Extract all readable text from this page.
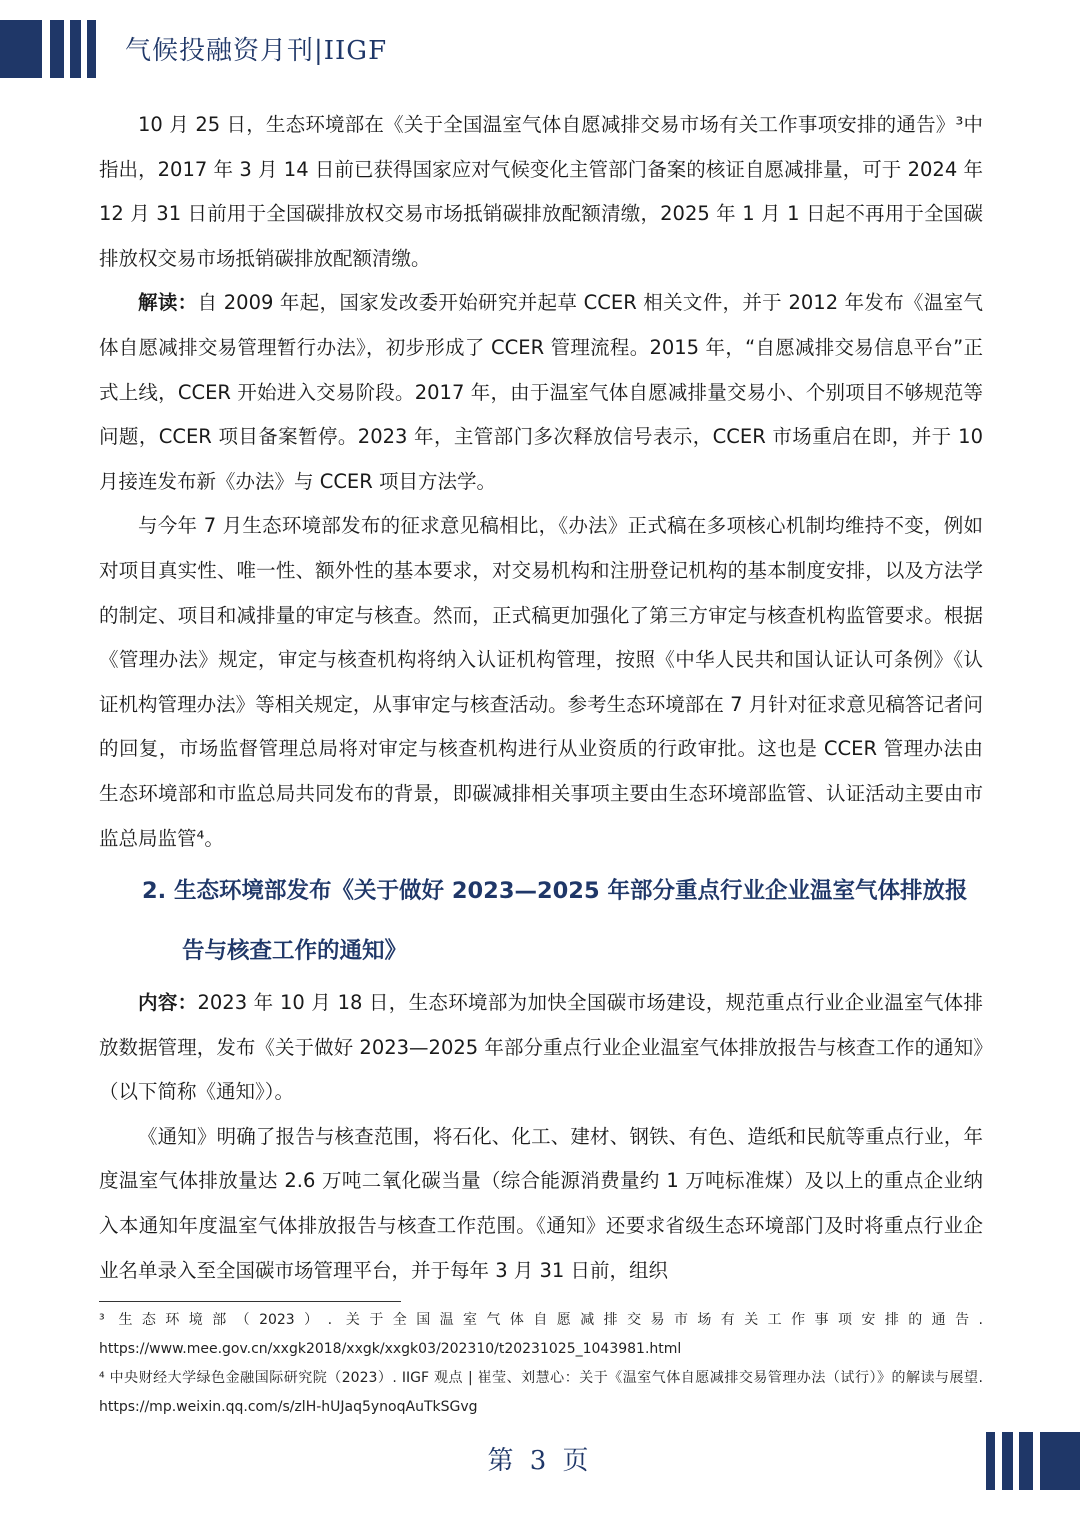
气候投融资月刊|IIGF

10 月 25 日，生态环境部在《关于全国温室气体自愿减排交易市场有关工作事项安排的通告》³中指出，2017 年 3 月 14 日前已获得国家应对气候变化主管部门备案的核证自愿减排量，可于 2024 年 12 月 31 日前用于全国碳排放权交易市场抵销碳排放配额清缴，2025 年 1 月 1 日起不再用于全国碳排放权交易市场抵销碳排放配额清缴。

解读：自 2009 年起，国家发改委开始研究并起草 CCER 相关文件，并于 2012 年发布《温室气体自愿减排交易管理暂行办法》，初步形成了 CCER 管理流程。2015 年，“自愿减排交易信息平台”正式上线，CCER 开始进入交易阶段。2017 年，由于温室气体自愿减排量交易小、个别项目不够规范等问题，CCER 项目备案暂停。2023 年，主管部门多次释放信号表示，CCER 市场重启在即，并于 10 月接连发布新《办法》与 CCER 项目方法学。

与今年 7 月生态环境部发布的征求意见稿相比，《办法》正式稿在多项核心机制均维持不变，例如对项目真实性、唯一性、额外性的基本要求，对交易机构和注册登记机构的基本制度安排，以及方法学的制定、项目和减排量的审定与核查。然而，正式稿更加强化了第三方审定与核查机构监管要求。根据《管理办法》规定，审定与核查机构将纳入认证机构管理，按照《中华人民共和国认证认可条例》《认证机构管理办法》等相关规定，从事审定与核查活动。参考生态环境部在 7 月针对征求意见稿答记者问的回复，市场监督管理总局将对审定与核查机构进行从业资质的行政审批。这也是 CCER 管理办法由生态环境部和市监总局共同发布的背景，即碳减排相关事项主要由生态环境部监管、认证活动主要由市监总局监管⁴。

2. 生态环境部发布《关于做好 2023—2025 年部分重点行业企业温室气体排放报告与核查工作的通知》

内容：2023 年 10 月 18 日，生态环境部为加快全国碳市场建设，规范重点行业企业温室气体排放数据管理，发布《关于做好 2023—2025 年部分重点行业企业温室气体排放报告与核查工作的通知》（以下简称《通知》）。

《通知》明确了报告与核查范围，将石化、化工、建材、钢铁、有色、造纸和民航等重点行业，年度温室气体排放量达 2.6 万吨二氧化碳当量（综合能源消费量约 1 万吨标准煤）及以上的重点企业纳入本通知年度温室气体排放报告与核查工作范围。《通知》还要求省级生态环境部门及时将重点行业企业名单录入至全国碳市场管理平台，并于每年 3 月 31 日前，组织

³ 生态环境部（2023）. 关于全国温室气体自愿减排交易市场有关工作事项安排的通告. https://www.mee.gov.cn/xxgk2018/xxgk/xxgk03/202310/t20231025_1043981.html

⁴ 中央财经大学绿色金融国际研究院（2023）. IIGF 观点 | 崔莹、刘慧心：关于《温室气体自愿减排交易管理办法（试行）》的解读与展望. https://mp.weixin.qq.com/s/zlH-hUJaq5ynoqAuTkSGvg

第 3 页
